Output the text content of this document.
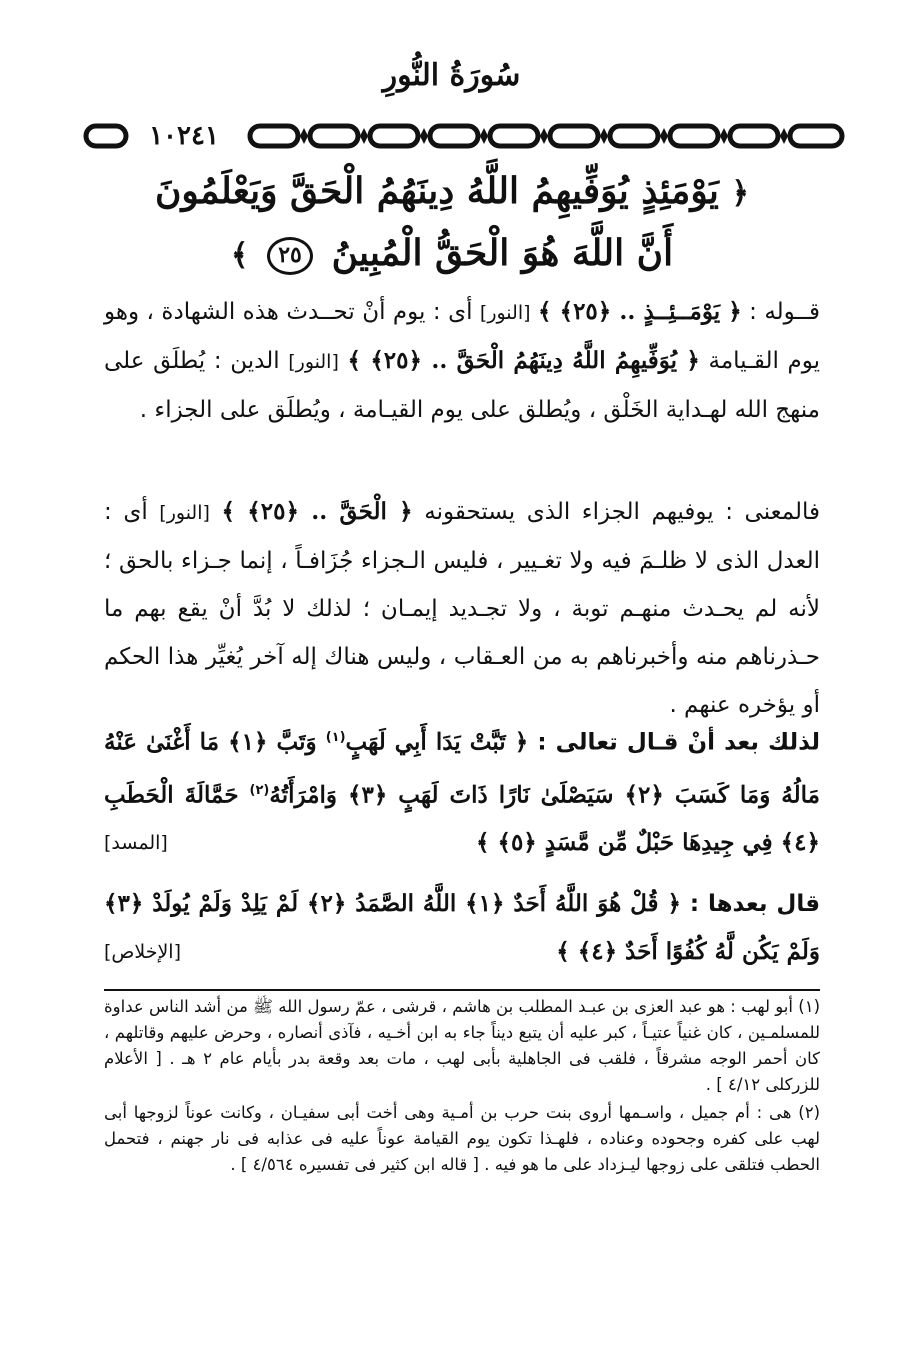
سُورَةُ النُّورِ
١٠٢٤١
﴿ يَوْمَئِذٍ يُوَفِّيهِمُ اللَّهُ دِينَهُمُ الْحَقَّ وَيَعْلَمُونَ
أَنَّ اللَّهَ هُوَ الْحَقُّ الْمُبِينُ ٢٥ ﴾
قــوله : ﴿ يَوْمَــئِــذٍ .. ﴿٢٥﴾ ﴾ [النور] أى : يوم أنْ تحــدث هذه الشهادة ، وهو يوم القـيامة ﴿ يُوَفِّيهِمُ اللَّهُ دِينَهُمُ الْحَقَّ .. ﴿٢٥﴾ ﴾ [النور] الدين : يُطلَق على منهج الله لهـداية الخَلْق ، ويُطلق على يوم القيـامة ، ويُطلَق على الجزاء .
فالمعنى : يوفيهم الجزاء الذى يستحقونه ﴿ الْحَقَّ .. ﴿٢٥﴾ ﴾ [النور] أى : العدل الذى لا ظلـمَ فيه ولا تغـيير ، فليس الـجزاء جُزَافـاً ، إنما جـزاء بالحق ؛ لأنه لم يحـدث منهـم توبة ، ولا تجـديد إيمـان ؛ لذلك لا بُدَّ أنْ يقع بهم ما حـذرناهم منه وأخبرناهم به من العـقاب ، وليس هناك إله آخر يُغيِّر هذا الحكم أو يؤخره عنهم .
لذلك بعد أنْ قـال تعالى : ﴿ تَبَّتْ يَدَا أَبِي لَهَبٍ$^{(١)}$ وَتَبَّ ﴿١﴾ مَا أَغْنَىٰ عَنْهُ مَالُهُ وَمَا كَسَبَ ﴿٢﴾ سَيَصْلَىٰ نَارًا ذَاتَ لَهَبٍ ﴿٣﴾ وَامْرَأَتُهُ$^{(٢)}$ حَمَّالَةَ الْحَطَبِ ﴿٤﴾ فِي جِيدِهَا حَبْلٌ مِّن مَّسَدٍ ﴿٥﴾ ﴾
[المسد]
قال بعدها : ﴿ قُلْ هُوَ اللَّهُ أَحَدٌ ﴿١﴾ اللَّهُ الصَّمَدُ ﴿٢﴾ لَمْ يَلِدْ وَلَمْ يُولَدْ ﴿٣﴾ وَلَمْ يَكُن لَّهُ كُفُوًا أَحَدٌ ﴿٤﴾ ﴾
[الإخلاص]

(١) أبو لهب : هو عبد العزى بن عبـد المطلب بن هاشم ، قرشى ، عمّ رسول الله ﷺ من أشد الناس عداوة للمسلمـين ، كان غنياً عتيـاً ، كبر عليه أن يتبع ديناً جاء به ابن أخـيه ، فآذى أنصاره ، وحرض عليهم وقاتلهم ، كان أحمر الوجه مشرقاً ، فلقب فى الجاهلية بأبى لهب ، مات بعد وقعة بدر بأيام عام ٢ هـ . [ الأعلام للزركلى ٤/١٢ ] .

(٢) هى : أم جميل ، واسـمها أروى بنت حرب بن أمـية وهى أخت أبى سفيـان ، وكانت عوناً لزوجها أبى لهب على كفره وجحوده وعناده ، فلهـذا تكون يوم القيامة عوناً عليه فى عذابه فى نار جهنم ، فتحمل الحطب فتلقى على زوجها ليـزداد على ما هو فيه . [ قاله ابن كثير فى تفسيره ٤/٥٦٤ ] .
